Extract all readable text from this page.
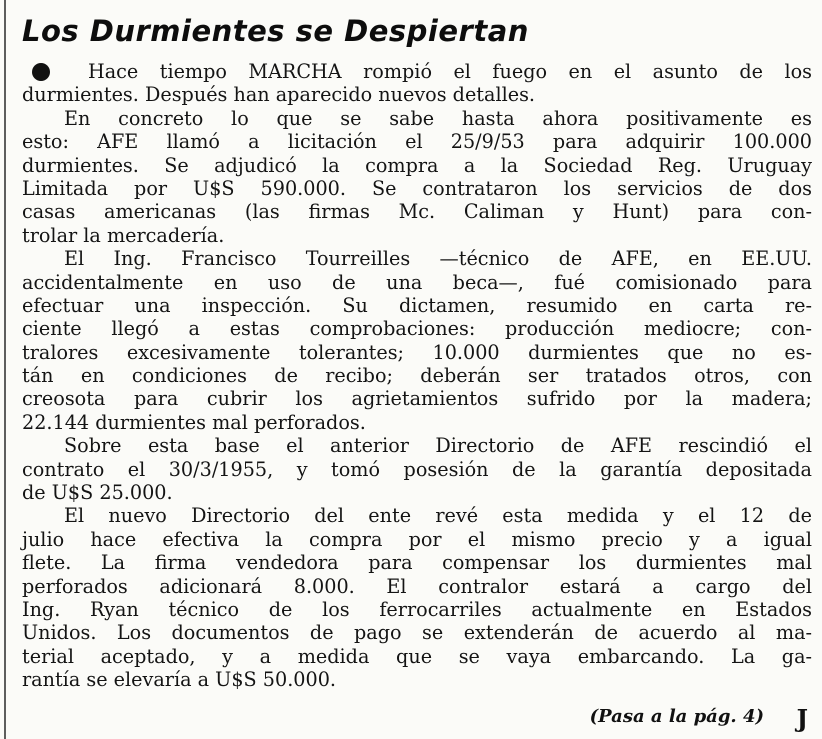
Los Durmientes se Despiertan
Hace tiempo MARCHA rompió el fuego en el asunto de los
durmientes. Después han aparecido nuevos detalles.
En concreto lo que se sabe hasta ahora positivamente es
esto: AFE llamó a licitación el 25/9/53 para adquirir 100.000
durmientes. Se adjudicó la compra a la Sociedad Reg. Uruguay
Limitada por U$S 590.000. Se contrataron los servicios de dos
casas americanas (las firmas Mc. Caliman y Hunt) para con-
trolar la mercadería.
El Ing. Francisco Tourreilles —técnico de AFE, en EE.UU.
accidentalmente en uso de una beca—, fué comisionado para
efectuar una inspección. Su dictamen, resumido en carta re-
ciente llegó a estas comprobaciones: producción mediocre; con-
tralores excesivamente tolerantes; 10.000 durmientes que no es-
tán en condiciones de recibo; deberán ser tratados otros, con
creosota para cubrir los agrietamientos sufrido por la madera;
22.144 durmientes mal perforados.
Sobre esta base el anterior Directorio de AFE rescindió el
contrato el 30/3/1955, y tomó posesión de la garantía depositada
de U$S 25.000.
El nuevo Directorio del ente revé esta medida y el 12 de
julio hace efectiva la compra por el mismo precio y a igual
flete. La firma vendedora para compensar los durmientes mal
perforados adicionará 8.000. El contralor estará a cargo del
Ing. Ryan técnico de los ferrocarriles actualmente en Estados
Unidos. Los documentos de pago se extenderán de acuerdo al ma-
terial aceptado, y a medida que se vaya embarcando. La ga-
rantía se elevaría a U$S 50.000.
(Pasa a la pág. 4) J
